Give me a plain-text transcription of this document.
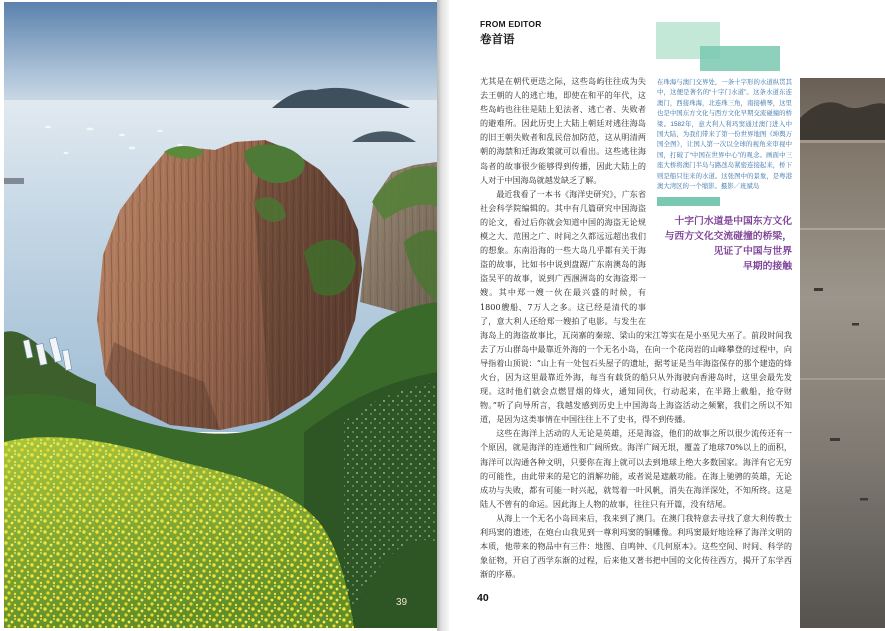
39
FROM EDITOR
卷首语

在珠海与澳门交界处，一条十字形的水道纵贯其中，这便是著名的“十字门水道”。这条水道东连澳门，西接珠海，北连珠三角，南接横琴，这里也是中国东方文化与西方文化早期交流碰撞的桥梁。1582年，意大利人利玛窦通过澳门进入中国大陆，为我们带来了第一份世界地图《坤舆万国全图》，让国人第一次以全球的视角来审视中国，打破了“中国在世界中心”的观念。画面中三座大桥将澳门半岛与路氹岛紧密连接起来，桥下则是船只往来的水道。这张图中的景象，是粤港澳大湾区的一个缩影。摄影／班斌岛

十字门水道是中国东方文化
与西方文化交流碰撞的桥梁，
见证了中国与世界
早期的接触

尤其是在朝代更迭之际，这些岛屿往往成为失去王朝的人的逃亡地，即使在和平的年代，这些岛屿也往往是陆上犯法者、逃亡者、失败者的避难所。因此历史上大陆上朝廷对逃往海岛的旧王朝失败者和乱民倍加防范，这从明清两朝的海禁和迁海政策就可以看出。这些逃往海岛者的故事很少能够得到传播，因此大陆上的人对于中国海岛就越发缺乏了解。

最近我看了一本书《海洋史研究》，广东省社会科学院编辑的。其中有几篇研究中国海盗的论文，看过后你就会知道中国的海盗无论规模之大、范围之广、时间之久都远远超出我们的想象。东南沿海的一些大岛几乎都有关于海盗的故事，比如书中说到盘踞广东南澳岛的海盗吴平的故事，说到广西涠洲岛的女海盗郑一嫂。其中郑一嫂一伙在最兴盛的时候，有1800艘船、7万人之多。这已经是清代的事了，意大利人还给郑一嫂拍了电影。与发生在海岛上的海盗故事比，瓦岗寨的秦琼、梁山的宋江等实在是小巫见大巫了。前段时间我去了万山群岛中最靠近外海的一个无名小岛，在向一个花岗岩的山峰攀登的过程中，向导指着山顶说：“山上有一处包石头屋子的遗址，据考证是当年海盗保存的那个建造的烽火台，因为这里最靠近外海，每当有载货的船只从外海驶向香港岛时，这里会最先发现。这时他们就会点燃冒烟的烽火，通知同伙，行动起来，在半路上截船，抢夺财物。”听了向导所言，我越发感到历史上中国海岛上海盗活动之频繁，我们之所以不知道，是因为这类事情在中国往往上不了史书，得不到传播。

这些在海洋上活动的人无论是英雄，还是海盗，他们的故事之所以很少流传还有一个原因，就是海洋的连通性和广阔所致。海洋广阔无垠，覆盖了地球70%以上的面积，海洋可以沟通各种文明，只要你在海上就可以去到地球上绝大多数国家。海洋有它无穷的可能性，由此带来的是它的消解功能，或者说是遮蔽功能。在海上驰骋的英雄，无论成功与失败，都有可能一时兴起，就驾着一叶风帆，消失在海洋深处，不知所终。这是陆人不曾有的命运。因此海上人物的故事，往往只有开篇，没有结尾。

从海上一个无名小岛回来后，我来到了澳门。在澳门我特意去寻找了意大利传教士利玛窦的遗迹，在炮台山我见到一尊利玛窦的铜雕像。利玛窦最好地诠释了海洋文明的本质，他带来的物品中有三件：地图、自鸣钟、《几何原本》。这些空间、时间、科学的象征物，开启了西学东渐的过程，后来他又著书把中国的文化传往西方，揭开了东学西渐的序幕。

40
